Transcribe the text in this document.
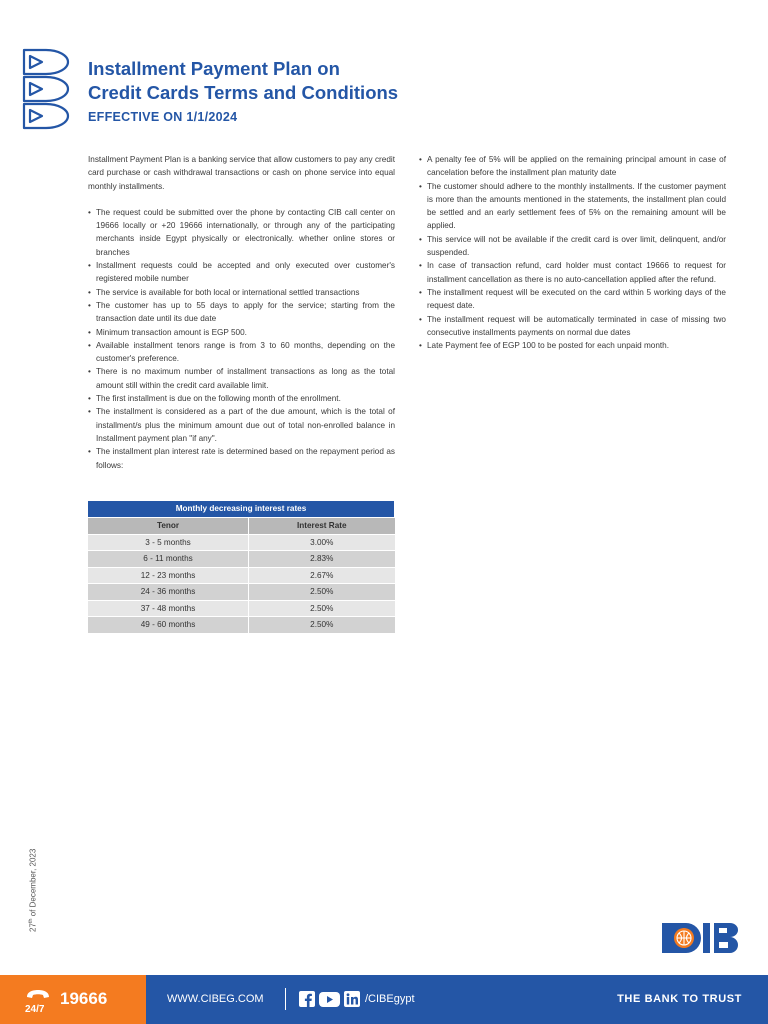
Installment Payment Plan on
Credit Cards Terms and Conditions
EFFECTIVE ON 1/1/2024

Installment Payment Plan is a banking service that allow customers to pay any credit card purchase or cash withdrawal transactions or cash on phone service into equal monthly installments.

• The request could be submitted over the phone by contacting CIB call center on 19666 locally or +20 19666 internationally, or through any of the participating merchants inside Egypt physically or electronically. whether online stores or branches
• Installment requests could be accepted and only executed over customer's registered mobile number
• The service is available for both local or international settled transactions
• The customer has up to 55 days to apply for the service; starting from the transaction date until its due date
• Minimum transaction amount is EGP 500.
• Available installment tenors range is from 3 to 60 months, depending on the customer's preference.
• There is no maximum number of installment transactions as long as the total amount still within the credit card available limit.
• The first installment is due on the following month of the enrollment.
• The installment is considered as a part of the due amount, which is the total of installment/s plus the minimum amount due out of total non-enrolled balance in Installment payment plan "if any".
• The installment plan interest rate is determined based on the repayment period as follows:
Monthly decreasing interest rates	
Tenor	Interest Rate
3 - 5 months	3.00%
6 - 11 months	2.83%
12 - 23 months	2.67%
24 - 36 months	2.50%
37 - 48 months	2.50%
49 - 60 months	2.50%
• A penalty fee of 5% will be applied on the remaining principal amount in case of cancelation before the installment plan maturity date
• The customer should adhere to the monthly installments. If the customer payment is more than the amounts mentioned in the statements, the installment plan could be settled and an early settlement fees of 5% on the remaining amount will be applied.
• This service will not be available if the credit card is over limit, delinquent, and/or suspended.
• In case of transaction refund, card holder must contact 19666 to request for installment cancellation as there is no auto-cancellation applied after the refund.
• The installment request will be executed on the card within 5 working days of the request date.
• The installment request will be automatically terminated in case of missing two consecutive installments payments on normal due dates
• Late Payment fee of EGP 100 to be posted for each unpaid month.
27th of December, 2023
CIB
24/7
19666	WWW.CIBEG.COM	/CIBEgypt	THE BANK TO TRUST
